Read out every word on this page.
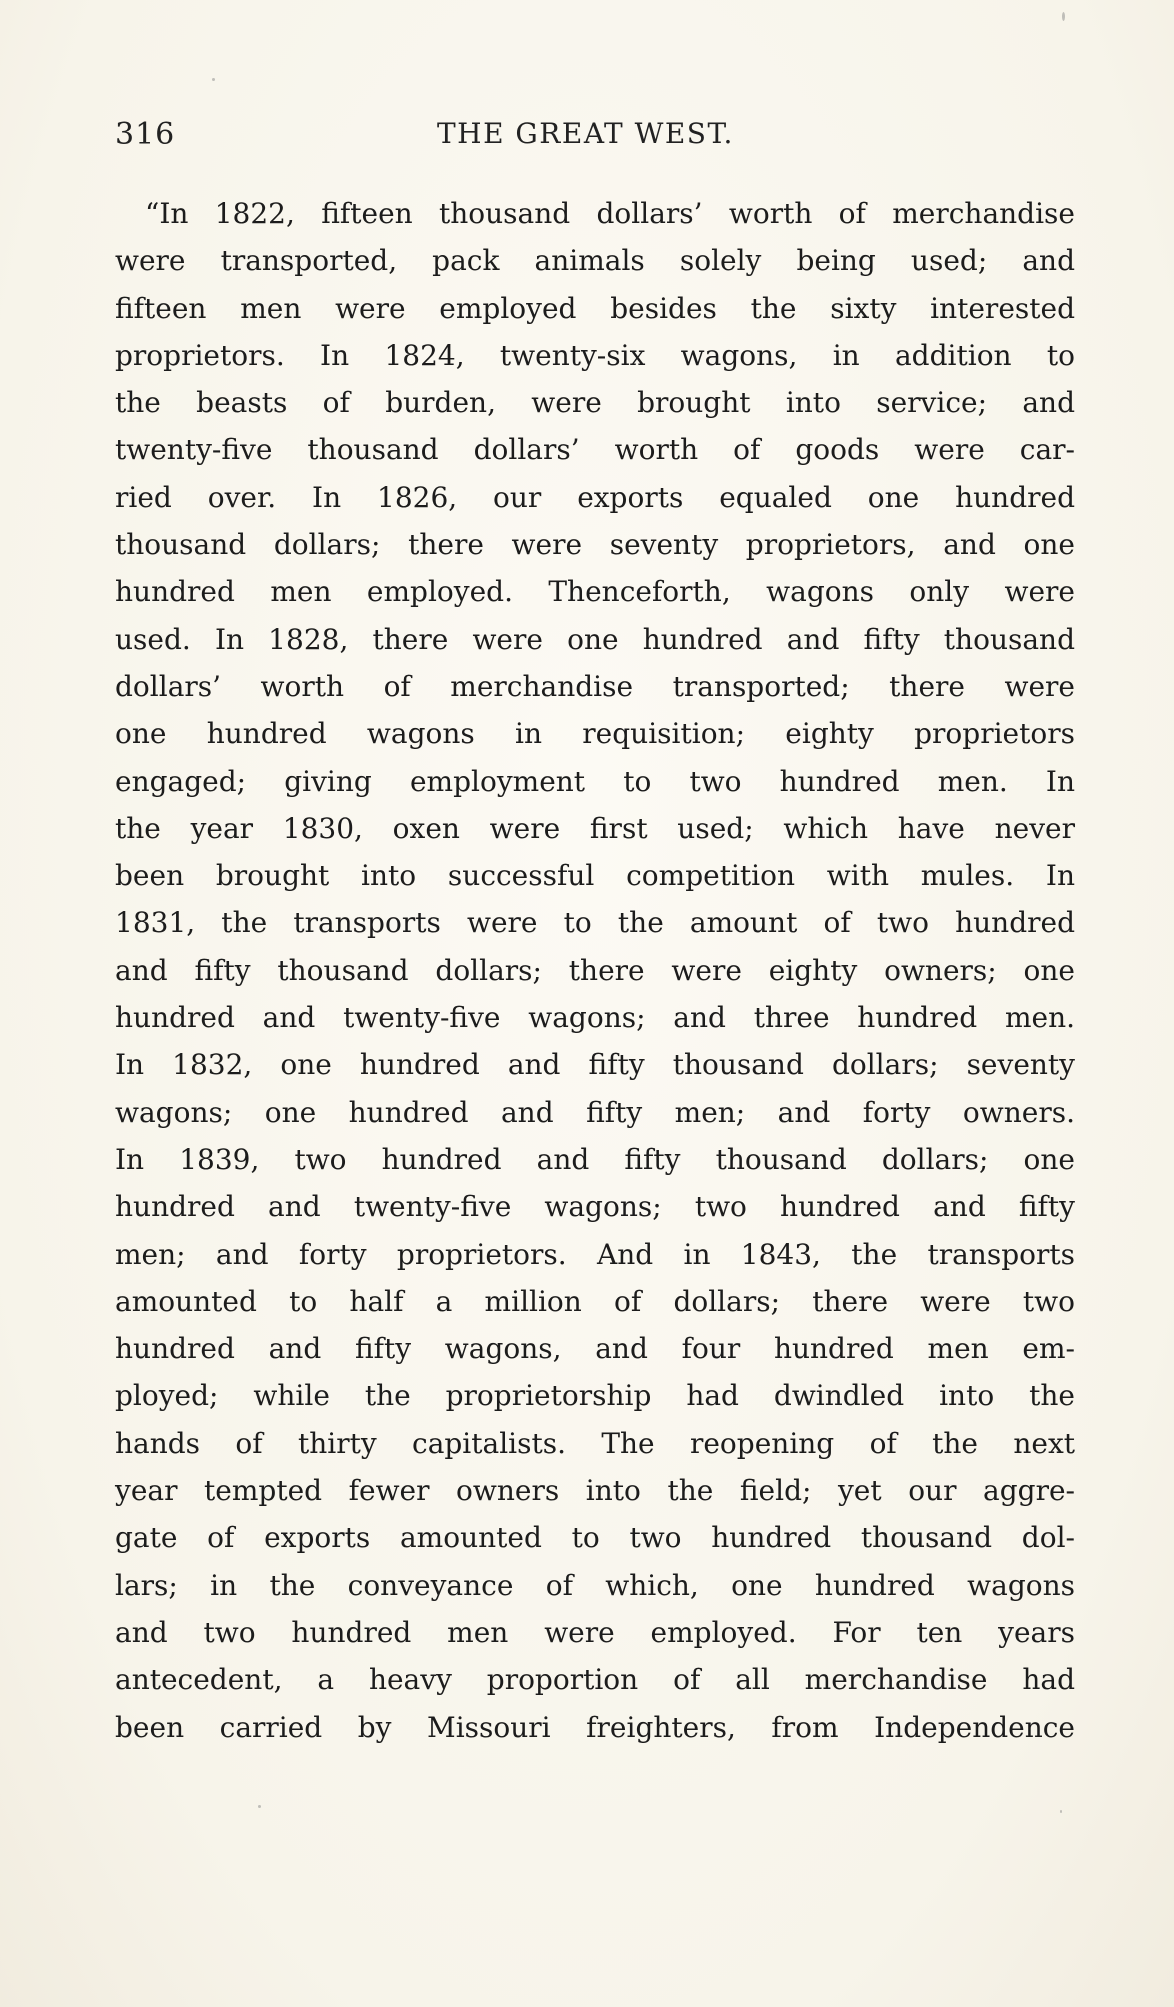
316	THE GREAT WEST.
“In 1822, fifteen thousand dollars’ worth of merchandise
were transported, pack animals solely being used; and
fifteen men were employed besides the sixty interested
proprietors. In 1824, twenty-six wagons, in addition to
the beasts of burden, were brought into service; and
twenty-five thousand dollars’ worth of goods were car-
ried over. In 1826, our exports equaled one hundred
thousand dollars; there were seventy proprietors, and one
hundred men employed. Thenceforth, wagons only were
used. In 1828, there were one hundred and fifty thousand
dollars’ worth of merchandise transported; there were
one hundred wagons in requisition; eighty proprietors
engaged; giving employment to two hundred men. In
the year 1830, oxen were first used; which have never
been brought into successful competition with mules. In
1831, the transports were to the amount of two hundred
and fifty thousand dollars; there were eighty owners; one
hundred and twenty-five wagons; and three hundred men.
In 1832, one hundred and fifty thousand dollars; seventy
wagons; one hundred and fifty men; and forty owners.
In 1839, two hundred and fifty thousand dollars; one
hundred and twenty-five wagons; two hundred and fifty
men; and forty proprietors. And in 1843, the transports
amounted to half a million of dollars; there were two
hundred and fifty wagons, and four hundred men em-
ployed; while the proprietorship had dwindled into the
hands of thirty capitalists. The reopening of the next
year tempted fewer owners into the field; yet our aggre-
gate of exports amounted to two hundred thousand dol-
lars; in the conveyance of which, one hundred wagons
and two hundred men were employed. For ten years
antecedent, a heavy proportion of all merchandise had
been carried by Missouri freighters, from Independence
